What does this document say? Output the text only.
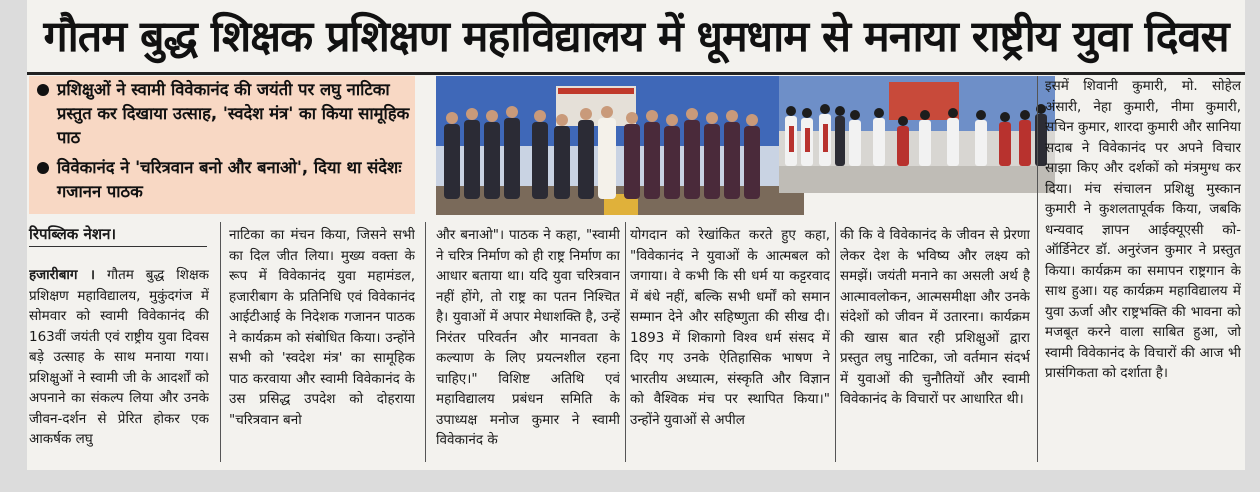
गौतम बुद्ध शिक्षक प्रशिक्षण महाविद्यालय में धूमधाम से मनाया राष्ट्रीय युवा दिवस
प्रशिक्षुओं ने स्वामी विवेकानंद की जयंती पर लघु नाटिका प्रस्तुत कर दिखाया उत्साह, 'स्वदेश मंत्र' का किया सामूहिक पाठ
विवेकानंद ने 'चरित्रवान बनो और बनाओ', दिया था संदेशः गजानन पाठक
रिपब्लिक नेशन।

हजारीबाग । गौतम बुद्ध शिक्षक प्रशिक्षण महाविद्यालय, मुकुंदगंज में सोमवार को स्वामी विवेकानंद की 163वीं जयंती एवं राष्ट्रीय युवा दिवस बड़े उत्साह के साथ मनाया गया। प्रशिक्षुओं ने स्वामी जी के आदर्शों को अपनाने का संकल्प लिया और उनके जीवन-दर्शन से प्रेरित होकर एक आकर्षक लघु

नाटिका का मंचन किया, जिसने सभी का दिल जीत लिया। मुख्य वक्ता के रूप में विवेकानंद युवा महामंडल, हजारीबाग के प्रतिनिधि एवं विवेकानंद आईटीआई के निदेशक गजानन पाठक ने कार्यक्रम को संबोधित किया। उन्होंने सभी को 'स्वदेश मंत्र' का सामूहिक पाठ करवाया और स्वामी विवेकानंद के उस प्रसिद्ध उपदेश को दोहराया "चरित्रवान बनो

और बनाओ"। पाठक ने कहा, "स्वामी ने चरित्र निर्माण को ही राष्ट्र निर्माण का आधार बताया था। यदि युवा चरित्रवान नहीं होंगे, तो राष्ट्र का पतन निश्चित है। युवाओं में अपार मेधाशक्ति है, उन्हें निरंतर परिवर्तन और मानवता के कल्याण के लिए प्रयत्नशील रहना चाहिए।" विशिष्ट अतिथि एवं महाविद्यालय प्रबंधन समिति के उपाध्यक्ष मनोज कुमार ने स्वामी विवेकानंद के

योगदान को रेखांकित करते हुए कहा, "विवेकानंद ने युवाओं के आत्मबल को जगाया। वे कभी कि सी धर्म या कट्टरवाद में बंधे नहीं, बल्कि सभी धर्मों को समान सम्मान देने और सहिष्णुता की सीख दी। 1893 में शिकागो विश्व धर्म संसद में दिए गए उनके ऐतिहासिक भाषण ने भारतीय अध्यात्म, संस्कृति और विज्ञान को वैश्विक मंच पर स्थापित किया।" उन्होंने युवाओं से अपील

की कि वे विवेकानंद के जीवन से प्रेरणा लेकर देश के भविष्य और लक्ष्य को समझें। जयंती मनाने का असली अर्थ है आत्मावलोकन, आत्मसमीक्षा और उनके संदेशों को जीवन में उतारना। कार्यक्रम की खास बात रही प्रशिक्षुओं द्वारा प्रस्तुत लघु नाटिका, जो वर्तमान संदर्भ में युवाओं की चुनौतियों और स्वामी विवेकानंद के विचारों पर आधारित थी।

इसमें शिवानी कुमारी, मो. सोहेल अंसारी, नेहा कुमारी, नीमा कुमारी, सचिन कुमार, शारदा कुमारी और सानिया सदाब ने विवेकानंद पर अपने विचार साझा किए और दर्शकों को मंत्रमुग्ध कर दिया। मंच संचालन प्रशिक्षु मुस्कान कुमारी ने कुशलतापूर्वक किया, जबकि धन्यवाद ज्ञापन आईक्यूएसी को-ऑर्डिनेटर डॉ. अनुरंजन कुमार ने प्रस्तुत किया। कार्यक्रम का समापन राष्ट्रगान के साथ हुआ। यह कार्यक्रम महाविद्यालय में युवा ऊर्जा और राष्ट्रभक्ति की भावना को मजबूत करने वाला साबित हुआ, जो स्वामी विवेकानंद के विचारों की आज भी प्रासंगिकता को दर्शाता है।
